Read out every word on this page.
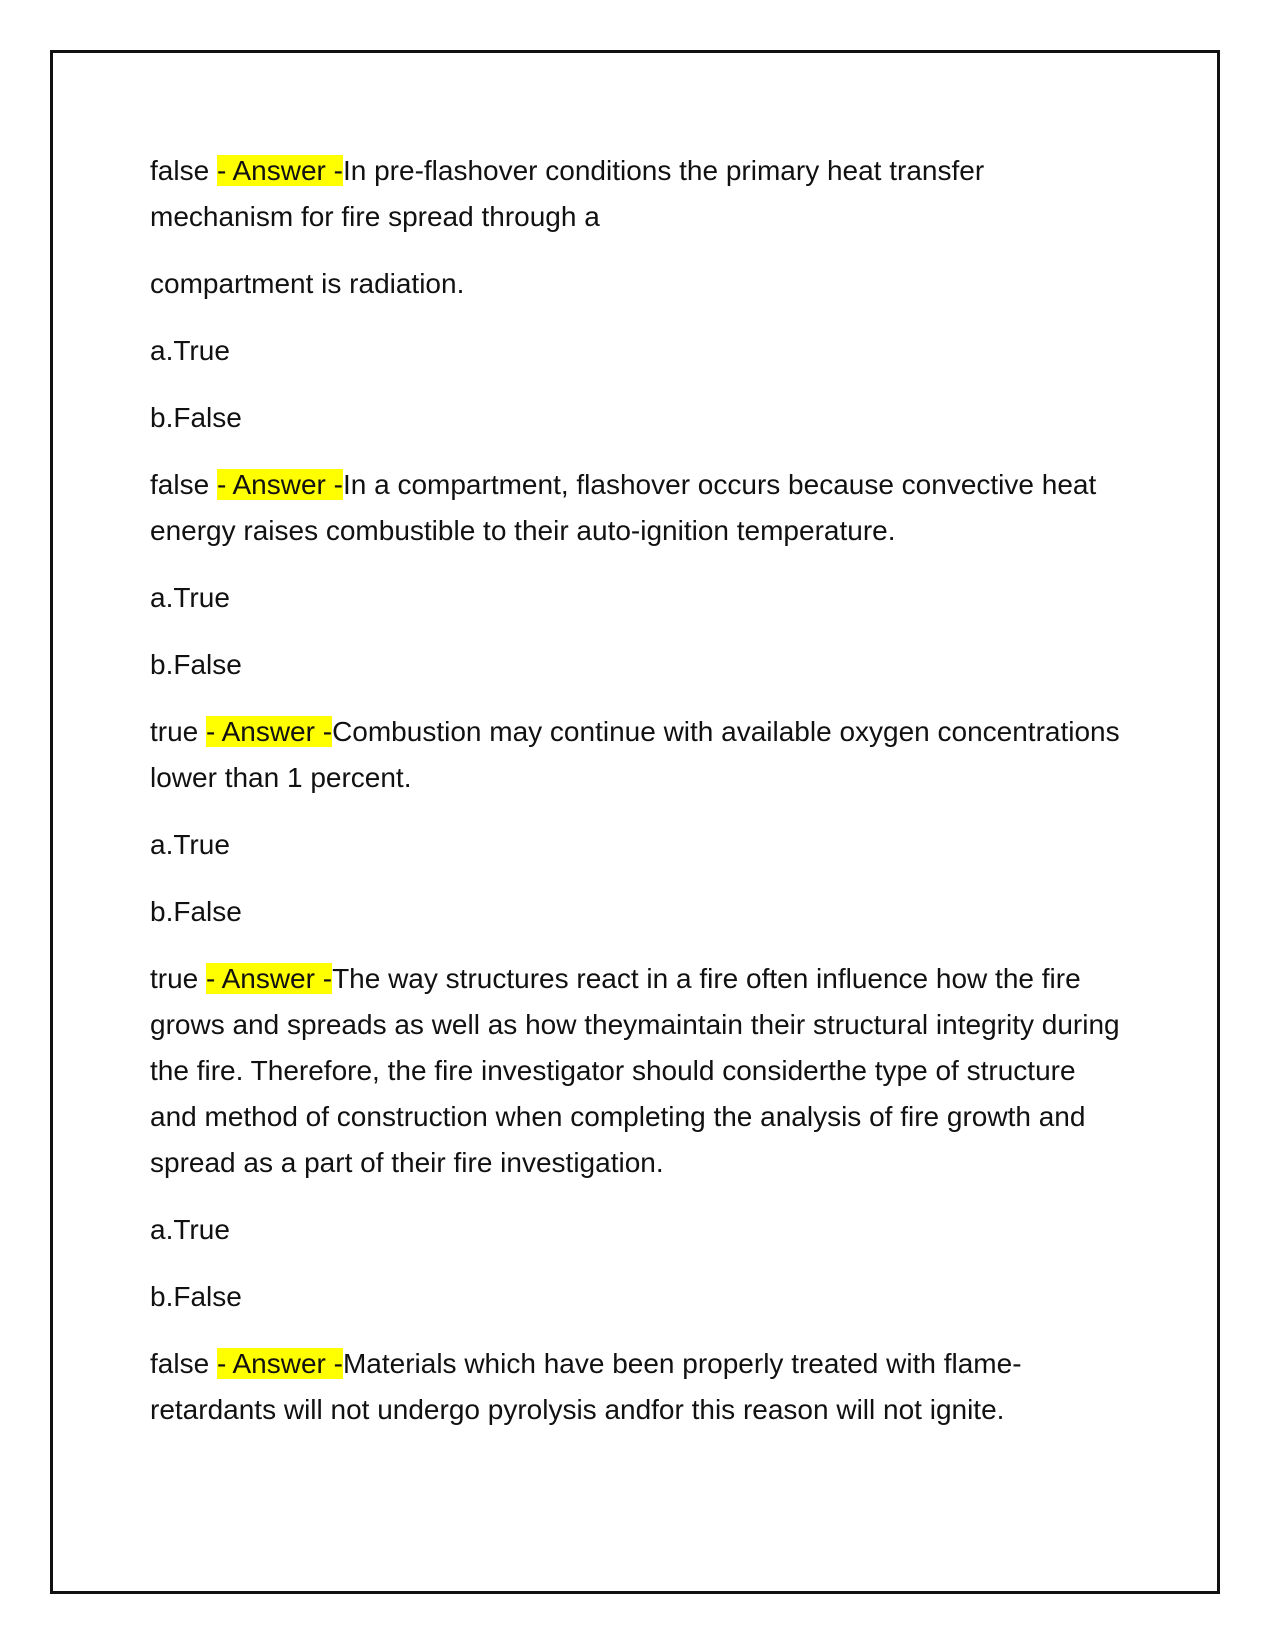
false - Answer -In pre-flashover conditions the primary heat transfer mechanism for fire spread through a

compartment is radiation.

a.True

b.False

false - Answer -In a compartment, flashover occurs because convective heat energy raises combustible to their auto-ignition temperature.

a.True

b.False

true - Answer -Combustion may continue with available oxygen concentrations lower than 1 percent.

a.True

b.False

true - Answer -The way structures react in a fire often influence how the fire grows and spreads as well as how theymaintain their structural integrity during the fire. Therefore, the fire investigator should considerthe type of structure and method of construction when completing the analysis of fire growth and spread as a part of their fire investigation.

a.True

b.False

false - Answer -Materials which have been properly treated with flame-retardants will not undergo pyrolysis andfor this reason will not ignite.
